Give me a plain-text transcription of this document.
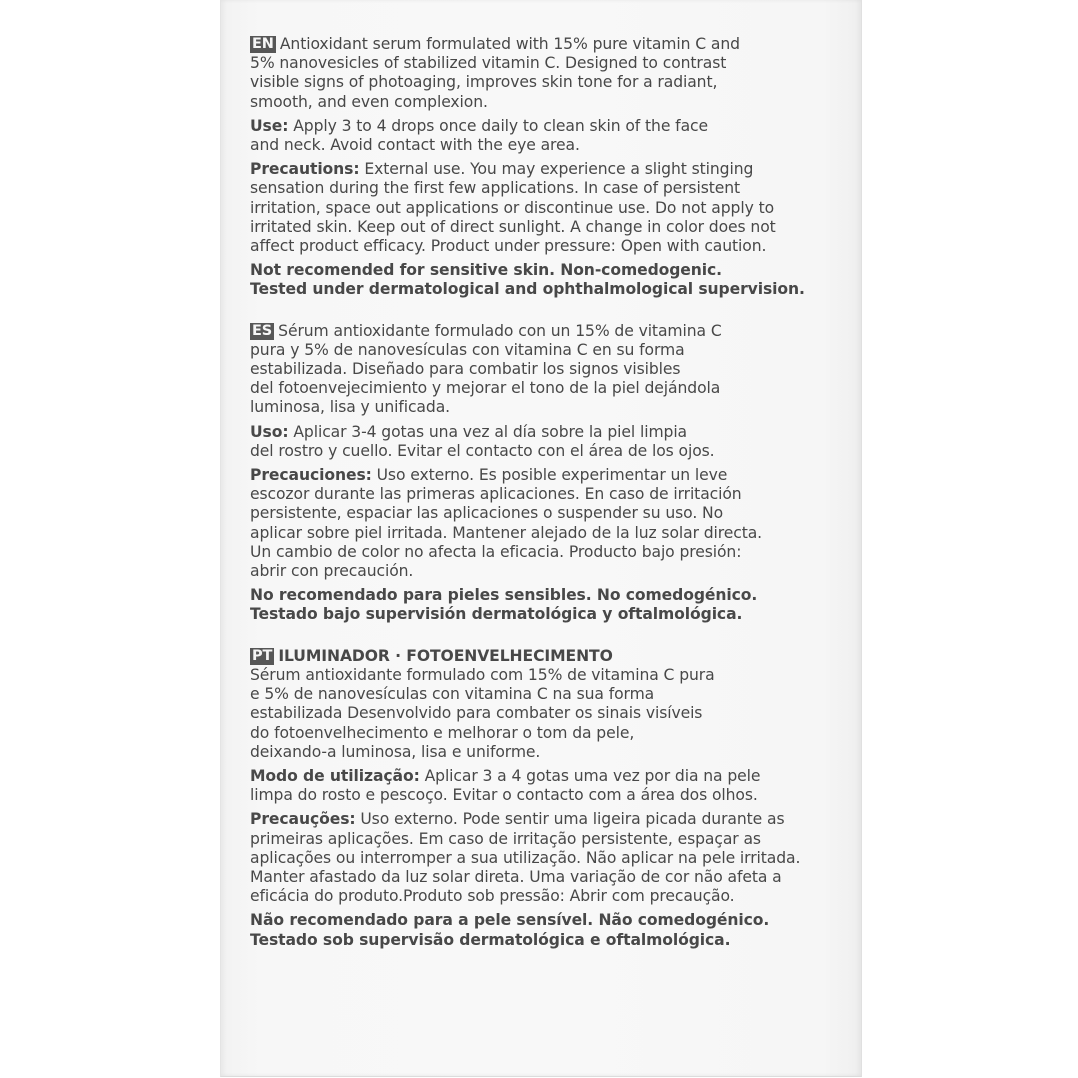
EN Antioxidant serum formulated with 15% pure vitamin C and
5% nanovesicles of stabilized vitamin C. Designed to contrast
visible signs of photoaging, improves skin tone for a radiant,
smooth, and even complexion.
Use: Apply 3 to 4 drops once daily to clean skin of the face
and neck. Avoid contact with the eye area.
Precautions: External use. You may experience a slight stinging
sensation during the first few applications. In case of persistent
irritation, space out applications or discontinue use. Do not apply to
irritated skin. Keep out of direct sunlight. A change in color does not
affect product efficacy. Product under pressure: Open with caution.
Not recomended for sensitive skin. Non-comedogenic.
Tested under dermatological and ophthalmological supervision.
ES Sérum antioxidante formulado con un 15% de vitamina C
pura y 5% de nanovesículas con vitamina C en su forma
estabilizada. Diseñado para combatir los signos visibles
del fotoenvejecimiento y mejorar el tono de la piel dejándola
luminosa, lisa y unificada.
Uso: Aplicar 3-4 gotas una vez al día sobre la piel limpia
del rostro y cuello. Evitar el contacto con el área de los ojos.
Precauciones: Uso externo. Es posible experimentar un leve
escozor durante las primeras aplicaciones. En caso de irritación
persistente, espaciar las aplicaciones o suspender su uso. No
aplicar sobre piel irritada. Mantener alejado de la luz solar directa.
Un cambio de color no afecta la eficacia. Producto bajo presión:
abrir con precaución.
No recomendado para pieles sensibles. No comedogénico.
Testado bajo supervisión dermatológica y oftalmológica.
PT ILUMINADOR · FOTOENVELHECIMENTO
Sérum antioxidante formulado com 15% de vitamina C pura
e 5% de nanovesículas con vitamina C na sua forma
estabilizada Desenvolvido para combater os sinais visíveis
do fotoenvelhecimento e melhorar o tom da pele,
deixando-a luminosa, lisa e uniforme.
Modo de utilização: Aplicar 3 a 4 gotas uma vez por dia na pele
limpa do rosto e pescoço. Evitar o contacto com a área dos olhos.
Precauções: Uso externo. Pode sentir uma ligeira picada durante as
primeiras aplicações. Em caso de irritação persistente, espaçar as
aplicações ou interromper a sua utilização. Não aplicar na pele irritada.
Manter afastado da luz solar direta. Uma variação de cor não afeta a
eficácia do produto.Produto sob pressão: Abrir com precaução.
Não recomendado para a pele sensível. Não comedogénico.
Testado sob supervisão dermatológica e oftalmológica.
